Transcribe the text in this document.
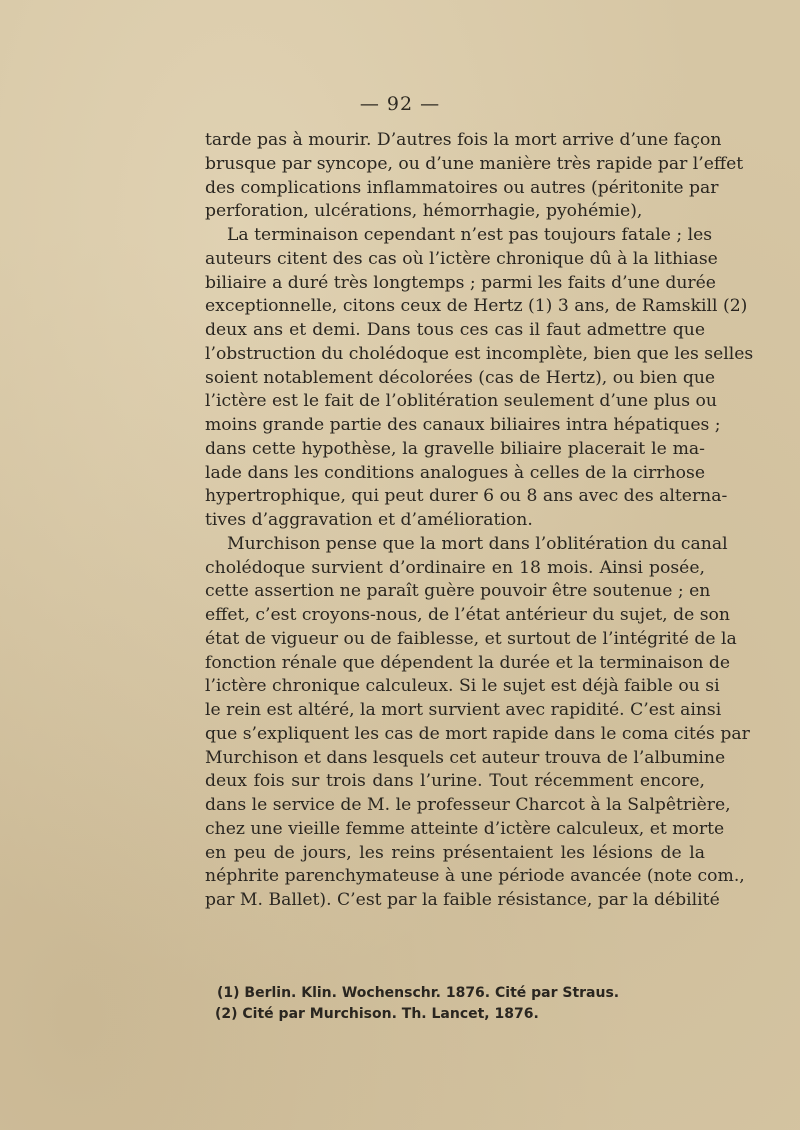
— 92 —
tarde pas à mourir. D’autres fois la mort arrive d’une façon
brusque par syncope, ou d’une manière très rapide par l’effet
des complications inflammatoires ou autres (péritonite par
perforation, ulcérations, hémorrhagie, pyohémie),
La terminaison cependant n’est pas toujours fatale ; les
auteurs citent des cas où l’ictère chronique dû à la lithiase
biliaire a duré très longtemps ; parmi les faits d’une durée
exceptionnelle, citons ceux de Hertz (1) 3 ans, de Ramskill (2)
deux ans et demi. Dans tous ces cas il faut admettre que
l’obstruction du cholédoque est incomplète, bien que les selles
soient notablement décolorées (cas de Hertz), ou bien que
l’ictère est le fait de l’oblitération seulement d’une plus ou
moins grande partie des canaux biliaires intra hépatiques ;
dans cette hypothèse, la gravelle biliaire placerait le ma-
lade dans les conditions analogues à celles de la cirrhose
hypertrophique, qui peut durer 6 ou 8 ans avec des alterna-
tives d’aggravation et d’amélioration.
Murchison pense que la mort dans l’oblitération du canal
cholédoque survient d’ordinaire en 18 mois. Ainsi posée,
cette assertion ne paraît guère pouvoir être soutenue ; en
effet, c’est croyons-nous, de l’état antérieur du sujet, de son
état de vigueur ou de faiblesse, et surtout de l’intégrité de la
fonction rénale que dépendent la durée et la terminaison de
l’ictère chronique calculeux. Si le sujet est déjà faible ou si
le rein est altéré, la mort survient avec rapidité. C’est ainsi
que s’expliquent les cas de mort rapide dans le coma cités par
Murchison et dans lesquels cet auteur trouva de l’albumine
deux fois sur trois dans l’urine. Tout récemment encore,
dans le service de M. le professeur Charcot à la Salpêtrière,
chez une vieille femme atteinte d’ictère calculeux, et morte
en peu de jours, les reins présentaient les lésions de la
néphrite parenchymateuse à une période avancée (note com.,
par M. Ballet). C’est par la faible résistance, par la débilité
(1) Berlin. Klin. Wochenschr. 1876. Cité par Straus.
(2) Cité par Murchison. Th. Lancet, 1876.
